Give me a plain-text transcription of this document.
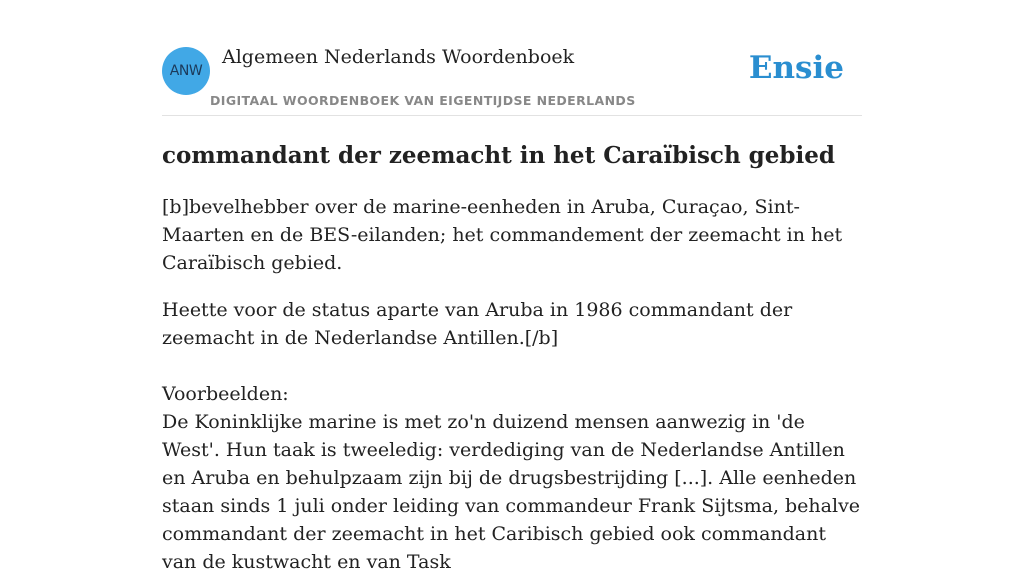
ANW
Algemeen Nederlands Woordenboek
DIGITAAL WOORDENBOEK VAN EIGENTIJDSE NEDERLANDS
Ensie
commandant der zeemacht in het Caraïbisch gebied

[b]bevelhebber over de marine-eenheden in Aruba, Curaçao, Sint-Maarten en de BES-eilanden; het commandement der zeemacht in het Caraïbisch gebied.

Heette voor de status aparte van Aruba in 1986 commandant der zeemacht in de Nederlandse Antillen.[/b]

Voorbeelden:

De Koninklijke marine is met zo'n duizend mensen aanwezig in 'de West'. Hun taak is tweeledig: verdediging van de Nederlandse Antillen en Aruba en behulpzaam zijn bij de drugsbestrijding [...]. Alle eenheden staan sinds 1 juli onder leiding van commandeur Frank Sijtsma, behalve commandant der zeemacht in het Caribisch gebied ook commandant van de kustwacht en van Task
